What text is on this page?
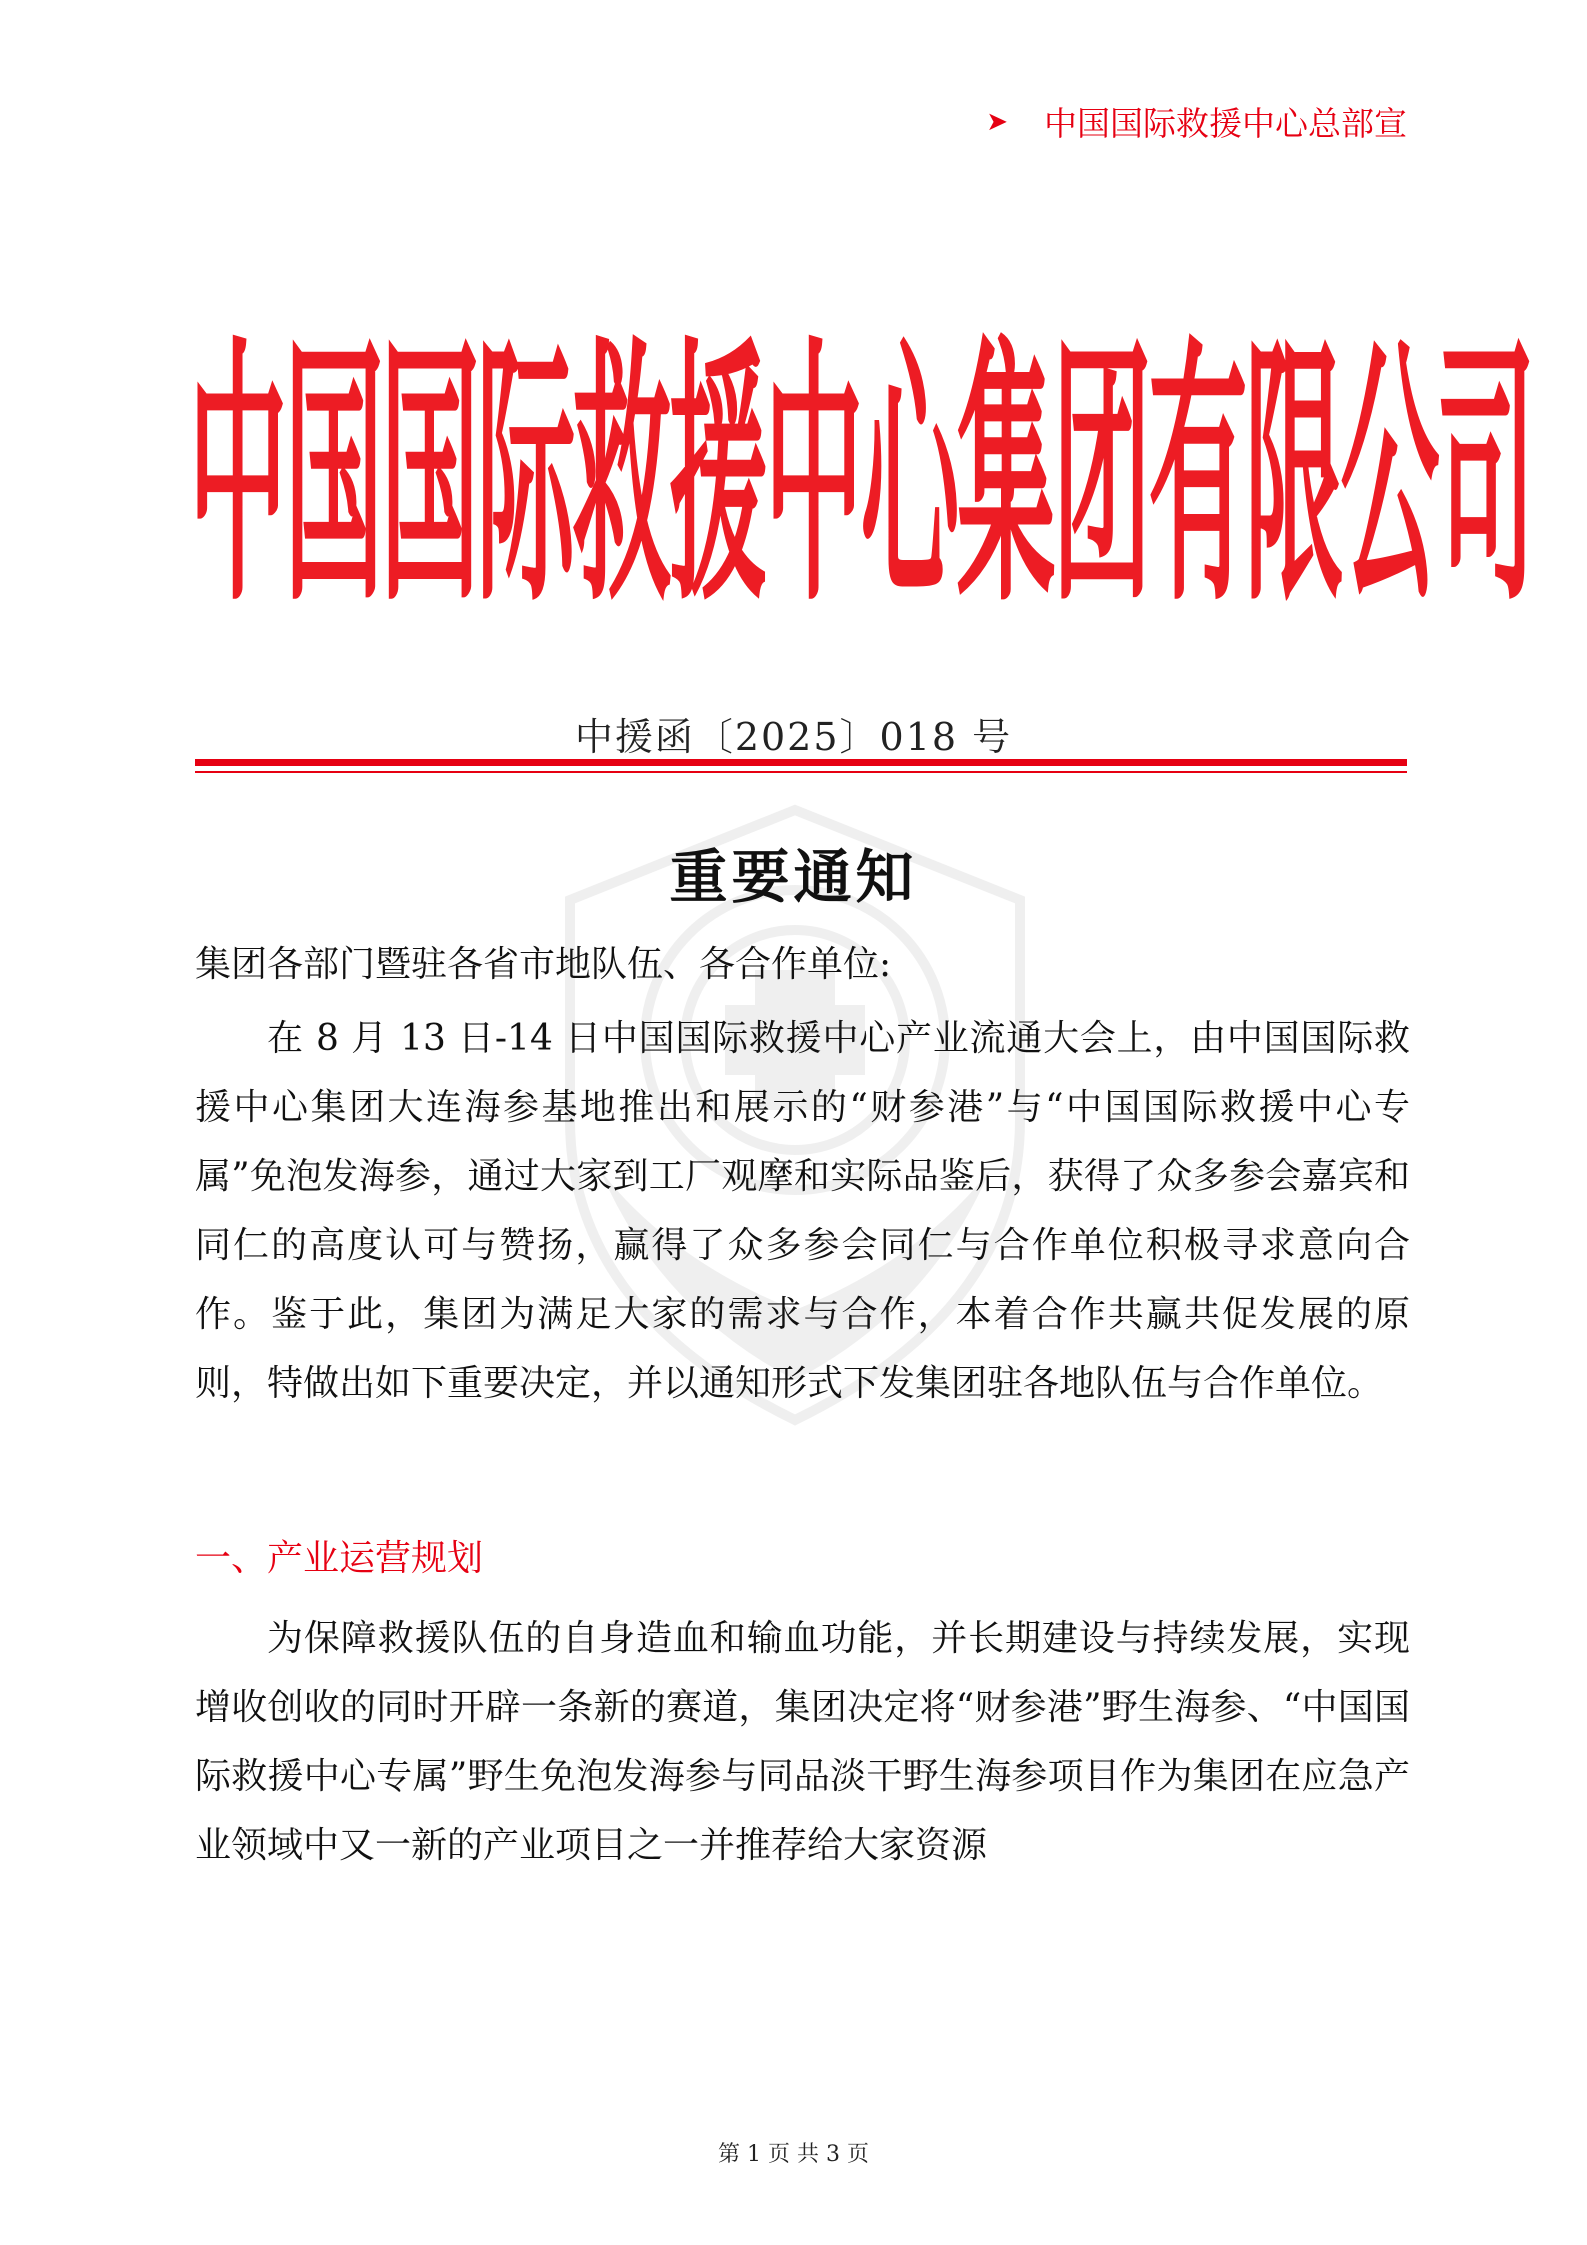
➤ 中国国际救援中心总部宣
中
国
国
际
救
援
中
心
集
团
有
限
公
司
中援函〔2025〕018 号
重要通知

集团各部门暨驻各省市地队伍、各合作单位:

在 8 月 13 日-14 日中国国际救援中心产业流通大会上，由中国国际救援中心集团大连海参基地推出和展示的“财参港”与“中国国际救援中心专属”免泡发海参，通过大家到工厂观摩和实际品鉴后，获得了众多参会嘉宾和同仁的高度认可与赞扬，赢得了众多参会同仁与合作单位积极寻求意向合作。鉴于此，集团为满足大家的需求与合作，本着合作共赢共促发展的原则，特做出如下重要决定，并以通知形式下发集团驻各地队伍与合作单位。

一、产业运营规划

为保障救援队伍的自身造血和输血功能，并长期建设与持续发展，实现增收创收的同时开辟一条新的赛道，集团决定将“财参港”野生海参、“中国国际救援中心专属”野生免泡发海参与同品淡干野生海参项目作为集团在应急产业领域中又一新的产业项目之一并推荐给大家资源

第 1 页 共 3 页
